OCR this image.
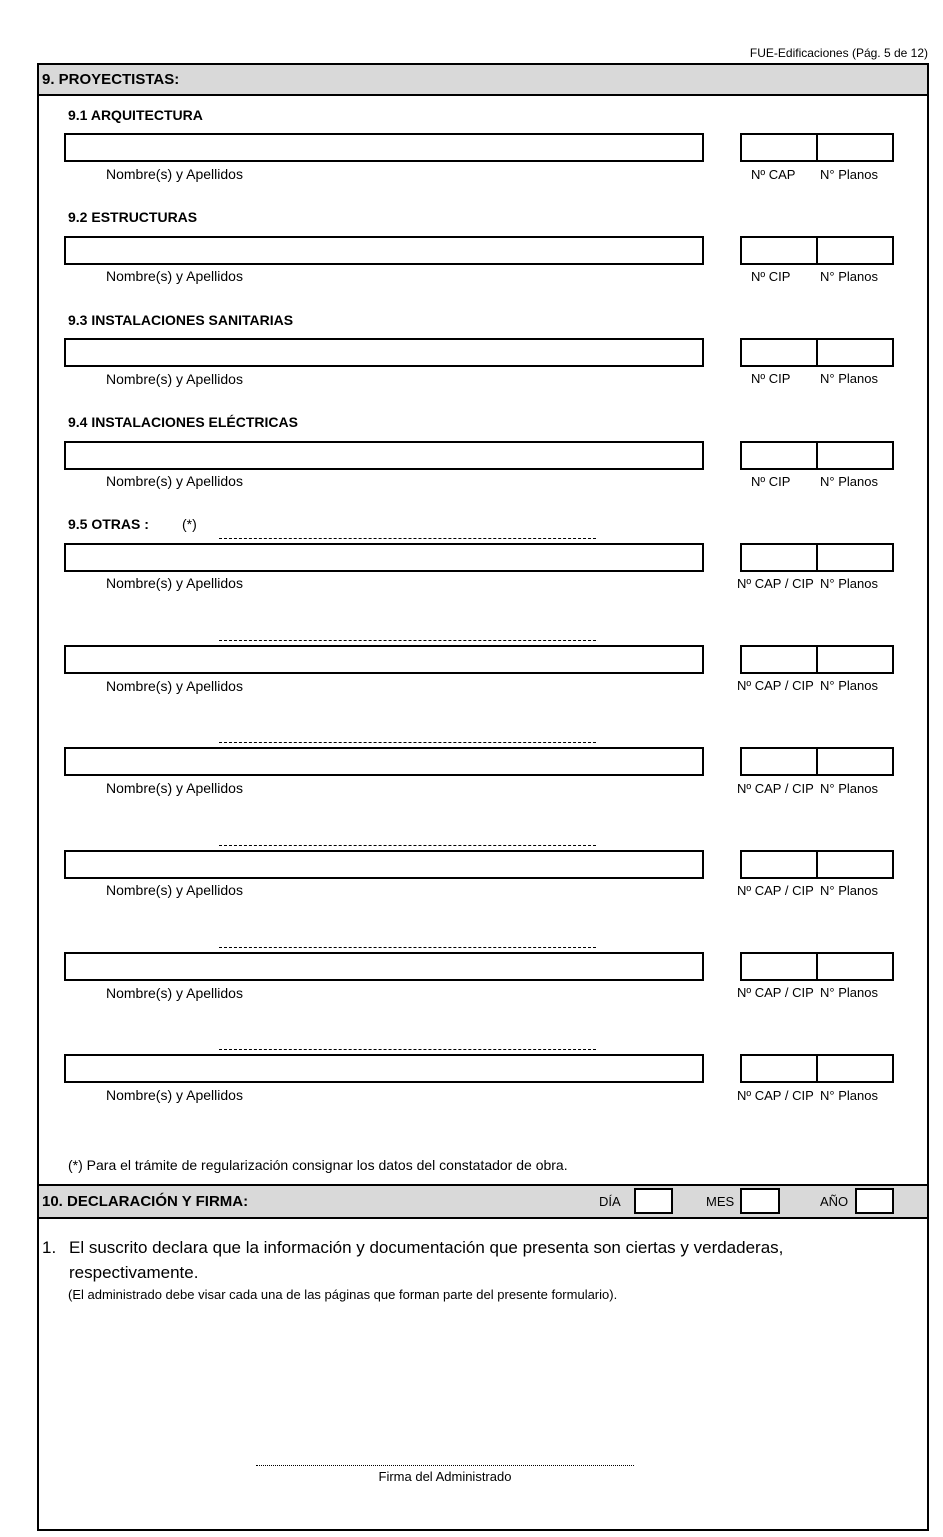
FUE-Edificaciones (Pág. 5 de 12)
9. PROYECTISTAS:
9.1 ARQUITECTURA
Nombre(s) y Apellidos	Nº CAP N° Planos
9.2 ESTRUCTURAS
Nombre(s) y Apellidos	Nº CIP N° Planos
9.3 INSTALACIONES SANITARIAS
Nombre(s) y Apellidos	Nº CIP N° Planos
9.4 INSTALACIONES ELÉCTRICAS
Nombre(s) y Apellidos	Nº CIP N° Planos
9.5 OTRAS : (*)
Nombre(s) y Apellidos	Nº CAP / CIP N° Planos
Nombre(s) y Apellidos	Nº CAP / CIP N° Planos
Nombre(s) y Apellidos	Nº CAP / CIP N° Planos
Nombre(s) y Apellidos	Nº CAP / CIP N° Planos
Nombre(s) y Apellidos	Nº CAP / CIP N° Planos
Nombre(s) y Apellidos	Nº CAP / CIP N° Planos
(*) Para el trámite de regularización consignar los datos del constatador de obra.
10. DECLARACIÓN Y FIRMA:	DÍA	MES	AÑO
1. El suscrito declara que la información y documentación que presenta son ciertas y verdaderas,
respectivamente.
(El administrado debe visar cada una de las páginas que forman parte del presente formulario).
Firma del Administrado
